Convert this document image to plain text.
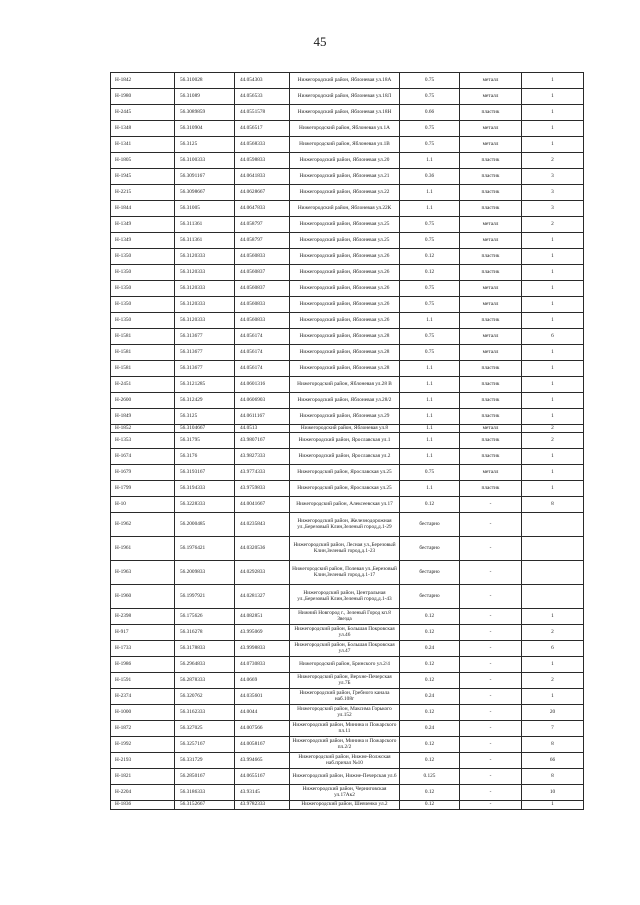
45
Н-1842	56.310028	44.054303	Нижегородский район, Яблоневая ул.18А	0.75	металл	1
Н-1980	56.31089	44.056533	Нижегородский район, Яблоневая ул.18Л	0.75	металл	1
Н-2445	56.3089859	44.0551578	Нижегородский район, Яблоневая ул.18Н	0.66	пластик	1
Н-1348	56.310904	44.056517	Нижегородский район, Яблоневая ул.1А	0.75	металл	1
Н-1341	56.3125	44.0568333	Нижегородский район, Яблоневая ул.1В	0.75	металл	1
Н-1805	56.3100333	44.0598833	Нижегородский район, Яблоневая ул.20	1.1	пластик	2
Н-1945	56.3091167	44.0641833	Нижегородский район, Яблоневая ул.21	0.36	пластик	3
Н-2215	56.3098667	44.0628667	Нижегородский район, Яблоневая ул.22	1.1	пластик	3
Н-1844	56.31005	44.0647833	Нижегородский район, Яблоневая ул.22К	1.1	пластик	3
Н-1349	56.311361	44.058797	Нижегородский район, Яблоневая ул.25	0.75	металл	2
Н-1349	56.311361	44.058797	Нижегородский район, Яблоневая ул.25	0.75	металл	1
Н-1350	56.3120333	44.0560833	Нижегородский район, Яблоневая ул.26	0.12	пластик	1
Н-1350	56.3120333	44.0560837	Нижегородский район, Яблоневая ул.26	0.12	пластик	1
Н-1350	56.3120333	44.0560837	Нижегородский район, Яблоневая ул.26	0.75	металл	1
Н-1350	56.3120333	44.0560833	Нижегородский район, Яблоневая ул.26	0.75	металл	1
Н-1350	56.3120333	44.0560833	Нижегородский район, Яблоневая ул.26	1.1	пластик	1
Н-1581	56.313677	44.056174	Нижегородский район, Яблоневая ул.28	0.75	металл	6
Н-1581	56.313677	44.056174	Нижегородский район, Яблоневая ул.28	0.75	металл	1
Н-1581	56.313677	44.056174	Нижегородский район, Яблоневая ул.28	1.1	пластик	1
Н-2451	56.3121285	44.0601316	Нижегородский район, Яблоневая ул.28 В	1.1	пластик	1
Н-2600	56.312429	44.0606903	Нижегородский район, Яблоневая ул.28/2	1.1	пластик	1
Н-1849	56.3125	44.0611167	Нижегородский район, Яблоневая ул.29	1.1	пластик	1
Н-1852	56.3104667	44.0513	Нижегородский район, Яблоневая ул.8	1.1	металл	2
Н-1353	56.31795	43.9807167	Нижегородский район, Ярославская ул.1	1.1	пластик	2
Н-1674	56.3176	43.9827333	Нижегородский район, Ярославская ул.2	1.1	пластик	1
Н-1679	56.3193167	43.9774333	Нижегородский район, Ярославская ул.25	0.75	металл	1
Н-1799	56.3194333	43.9759833	Нижегородский район, Ярославская ул.25	1.1	пластик	1
Н-10	56.3228333	44.0041667	Нижегородский район, Алексеевская ул.17	0.12	-	8
Н-1962	56.2000485	44.0235843	Нижегородский район, Железнодорожная ул.,Березовый Клин,Зеленый город,д.1-29	бестарно	-	
Н-1961	56.1976421	44.0320536	Нижегородский район, Лесная ул.,Березовый Клин,Зеленый город,д.1-23	бестарно	-	
Н-1963	56.2009833	44.0292833	Нижегородский район, Полевая ул.,Березовый Клин,Зеленый город,д.1-17	бестарно	-	
Н-1960	56.1997921	44.0281327	Нижегородский район, Центральная ул.,Березовый Клин,Зеленый город,д.1-43	бестарно	-	
Н-2398	56.175626	44.082851	Нижний Новгород г., Зеленый Город кп.8 Звезда	0.12	-	1
Н-917	56.316278	43.995069	Нижегородский район, Большая Покровская ул.46	0.12	-	2
Н-1733	56.3178833	43.9998833	Нижегородский район, Большая Покровская ул.47	0.24	-	6
Н-1986	56.2964833	44.0730833	Нижегородский район, Бринского ул.2/4	0.12	-	1
Н-1591	56.2878333	44.0669	Нижегородский район, Верхне-Печерская ул.7Б	0.12	-	2
Н-2374	56.320762	44.035601	Нижегородский район, Гребного канала наб.108г	0.24	-	1
Н-1000	56.3162333	44.0044	Нижегородский район, Максима Горького ул.152	0.12	-	20
Н-1872	56.327025	44.007566	Нижегородский район, Минина и Пожарского пл.11	0.24	-	7
Н-1992	56.3257167	44.0058167	Нижегородский район, Минина и Пожарского пл.2/2	0.12	-	8
Н-2193	56.331729	43.994665	Нижегородский район, Нижне-Волжская наб.причал №10	0.12	-	66
Н-1821	56.2850167	44.0655167	Нижегородский район, Нижне-Печерская ул.6	0.125	-	8
Н-2204	56.3186333	43.93145	Нижегородский район, Черниговская ул.17Ак2	0.12	-	10
Н-1836	56.3152667	43.9782333	Нижегородский район, Шевченко ул.2	0.12	-	1
